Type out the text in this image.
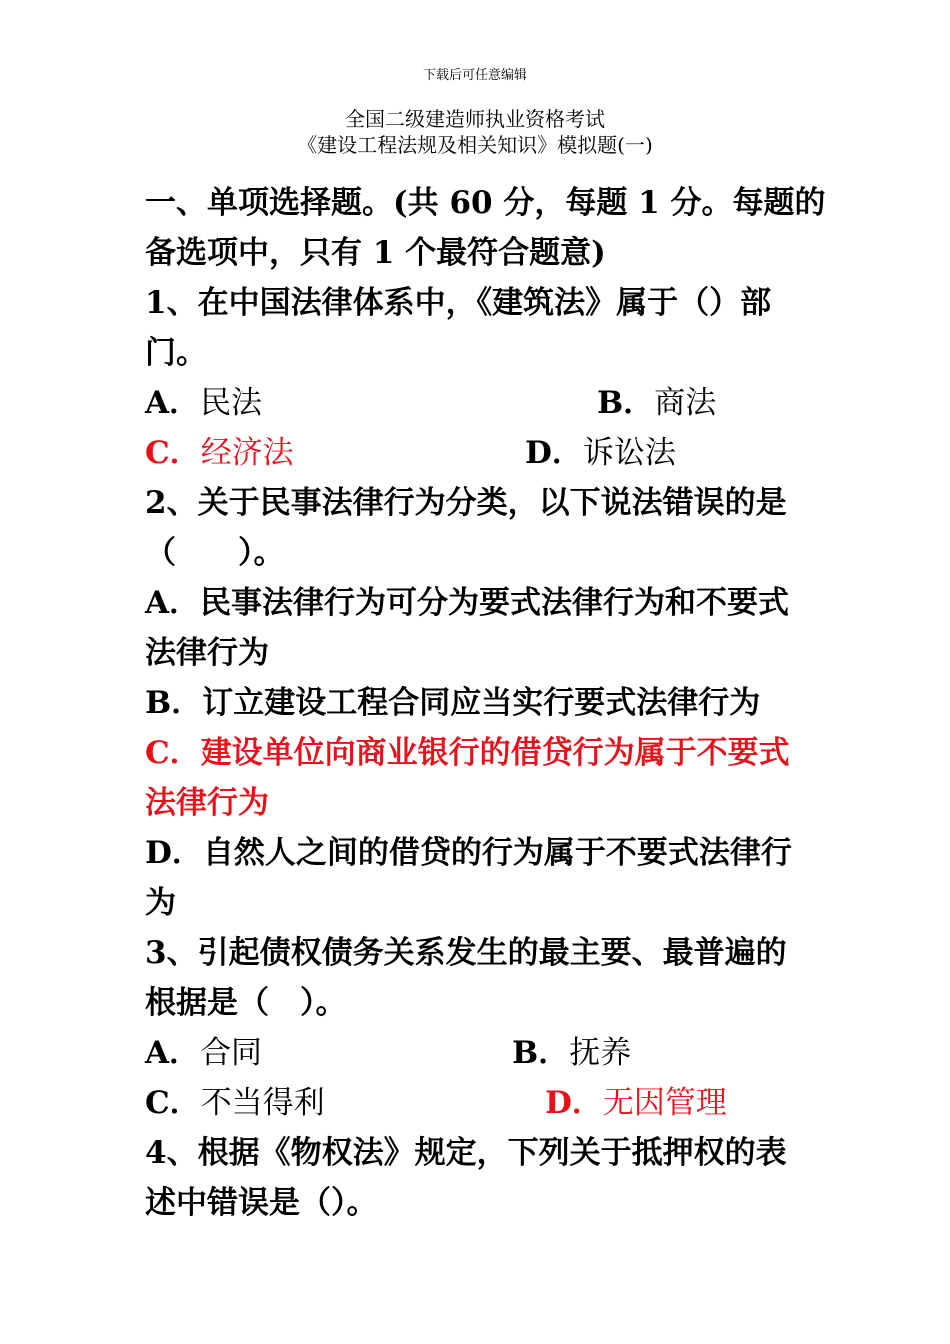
下载后可任意编辑
全国二级建造师执业资格考试
《建设工程法规及相关知识》模拟题(一)
一、单项选择题。(共 60 分，每题 1 分。每题的
备选项中，只有 1 个最符合题意)
1、在中国法律体系中，《建筑法》属于（）部
门。
A．民法	B．商法
C．经济法	D．诉讼法
2、关于民事法律行为分类，以下说法错误的是
（　　）。
A．民事法律行为可分为要式法律行为和不要式
法律行为
B．订立建设工程合同应当实行要式法律行为
C．建设单位向商业银行的借贷行为属于不要式
法律行为
D．自然人之间的借贷的行为属于不要式法律行
为
3、引起债权债务关系发生的最主要、最普遍的
根据是（　）。
A．合同	B．抚养
C．不当得利	D．无因管理
4、根据《物权法》规定，下列关于抵押权的表
述中错误是（）。
